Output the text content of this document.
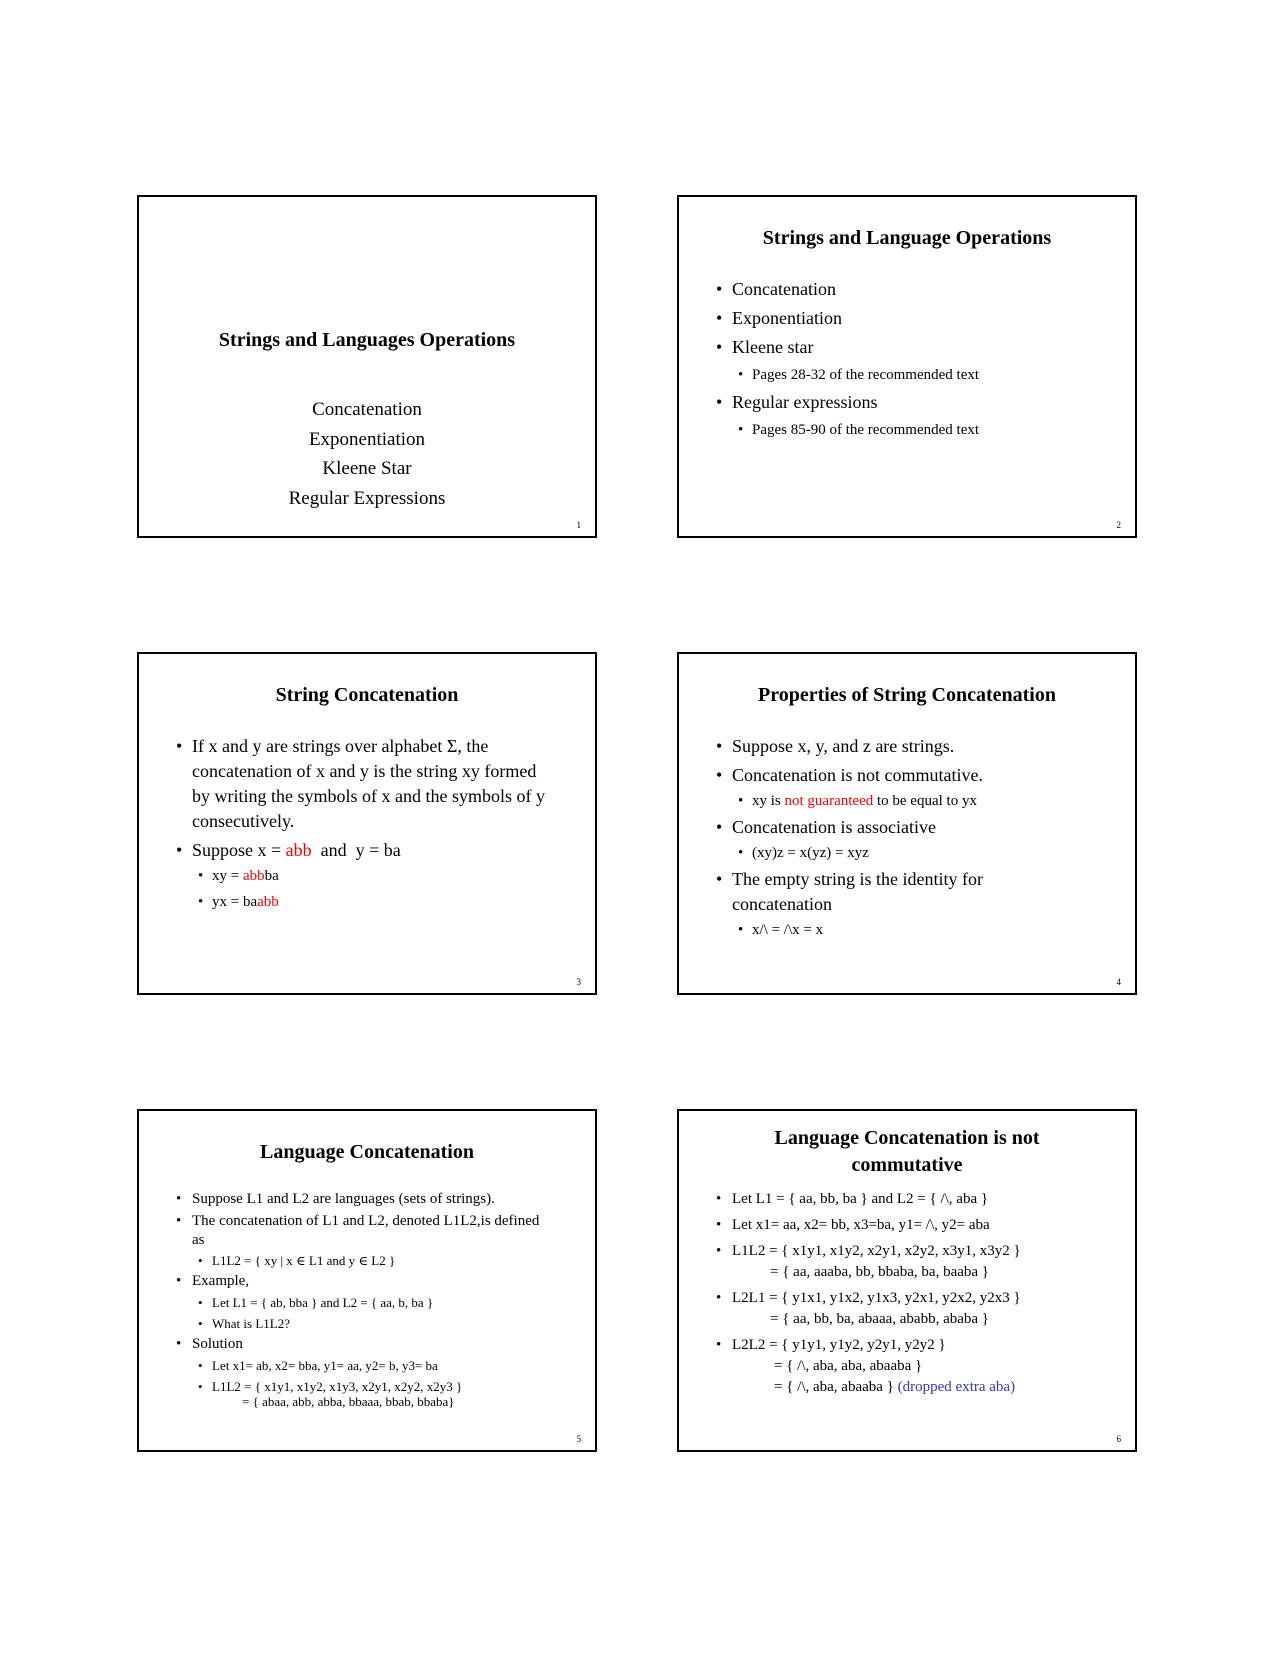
Strings and Languages Operations
Concatenation
Exponentiation
Kleene Star
Regular Expressions
1
Strings and Language Operations
• Concatenation
• Exponentiation
• Kleene star
• Pages 28-32 of the recommended text
• Regular expressions
• Pages 85-90 of the recommended text
2
String Concatenation
• If x and y are strings over alphabet Σ, the concatenation of x and y is the string xy formed by writing the symbols of x and the symbols of y consecutively.
• Suppose x = abb  and  y = ba
• xy = abbba
• yx = baabb
3
Properties of String Concatenation
• Suppose x, y, and z are strings.
• Concatenation is not commutative.
• xy is not guaranteed to be equal to yx
• Concatenation is associative
• (xy)z = x(yz) = xyz
• The empty string is the identity for concatenation
• x/\ = /\x = x
4
Language Concatenation
• Suppose L1 and L2 are languages (sets of strings).
• The concatenation of L1 and L2, denoted L1L2,is defined as
• L1L2 = { xy | x ∈ L1 and y ∈ L2 }
• Example,
• Let L1 = { ab, bba } and L2 = { aa, b, ba }
• What is L1L2?
• Solution
• Let x1= ab, x2= bba, y1= aa, y2= b, y3= ba
• L1L2 = { x1y1, x1y2, x1y3, x2y1, x2y2, x2y3 }
= { abaa, abb, abba, bbaaa, bbab, bbaba}
5
Language Concatenation is not commutative
• Let L1 = { aa, bb, ba } and L2 = { /\, aba }
• Let x1= aa, x2= bb, x3=ba, y1= /\, y2= aba
• L1L2 = { x1y1, x1y2, x2y1, x2y2, x3y1, x3y2 }
= { aa, aaaba, bb, bbaba, ba, baaba }
• L2L1 = { y1x1, y1x2, y1x3, y2x1, y2x2, y2x3 }
= { aa, bb, ba, abaaa, ababb, ababa }
• L2L2 = { y1y1, y1y2, y2y1, y2y2 }
= { /\, aba, aba, abaaba }
= { /\, aba, abaaba } (dropped extra aba)
6
